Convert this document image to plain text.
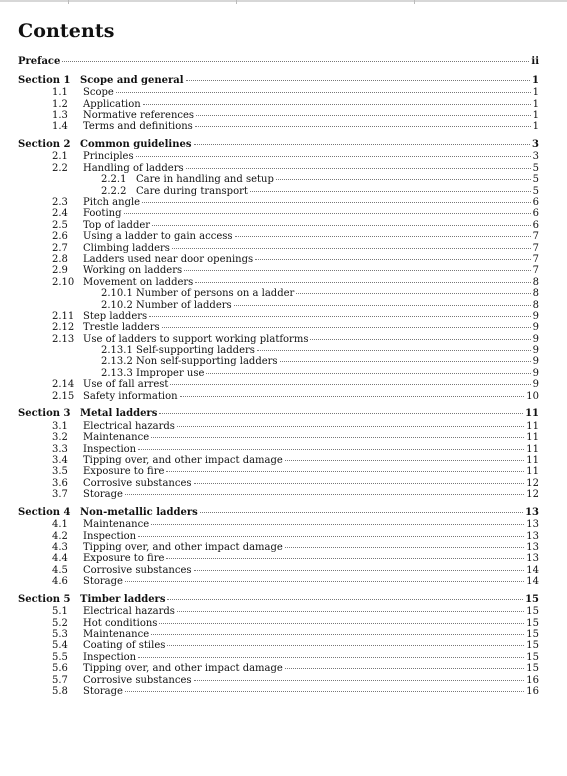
Contents
Preface	ii
Section 1 Scope and general	1
1.1	Scope	1
1.2	Application	1
1.3	Normative references	1
1.4	Terms and definitions	1
Section 2 Common guidelines	3
2.1	Principles	3
2.2	Handling of ladders	5
2.2.1 Care in handling and setup	5
2.2.2 Care during transport	5
2.3	Pitch angle	6
2.4	Footing	6
2.5	Top of ladder	6
2.6	Using a ladder to gain access	7
2.7	Climbing ladders	7
2.8	Ladders used near door openings	7
2.9	Working on ladders	7
2.10 Movement on ladders	8
2.10.1 Number of persons on a ladder	8
2.10.2 Number of ladders	8
2.11 Step ladders	9
2.12 Trestle ladders	9
2.13 Use of ladders to support working platforms	9
2.13.1 Self-supporting ladders	9
2.13.2 Non self-supporting ladders	9
2.13.3 Improper use	9
2.14 Use of fall arrest	9
2.15 Safety information	10
Section 3 Metal ladders	11
3.1	Electrical hazards	11
3.2	Maintenance	11
3.3	Inspection	11
3.4	Tipping over, and other impact damage	11
3.5	Exposure to fire	11
3.6	Corrosive substances	12
3.7	Storage	12
Section 4 Non-metallic ladders	13
4.1	Maintenance	13
4.2	Inspection	13
4.3	Tipping over, and other impact damage	13
4.4	Exposure to fire	13
4.5	Corrosive substances	14
4.6	Storage	14
Section 5 Timber ladders	15
5.1	Electrical hazards	15
5.2	Hot conditions	15
5.3	Maintenance	15
5.4	Coating of stiles	15
5.5	Inspection	15
5.6	Tipping over, and other impact damage	15
5.7	Corrosive substances	16
5.8	Storage	16
